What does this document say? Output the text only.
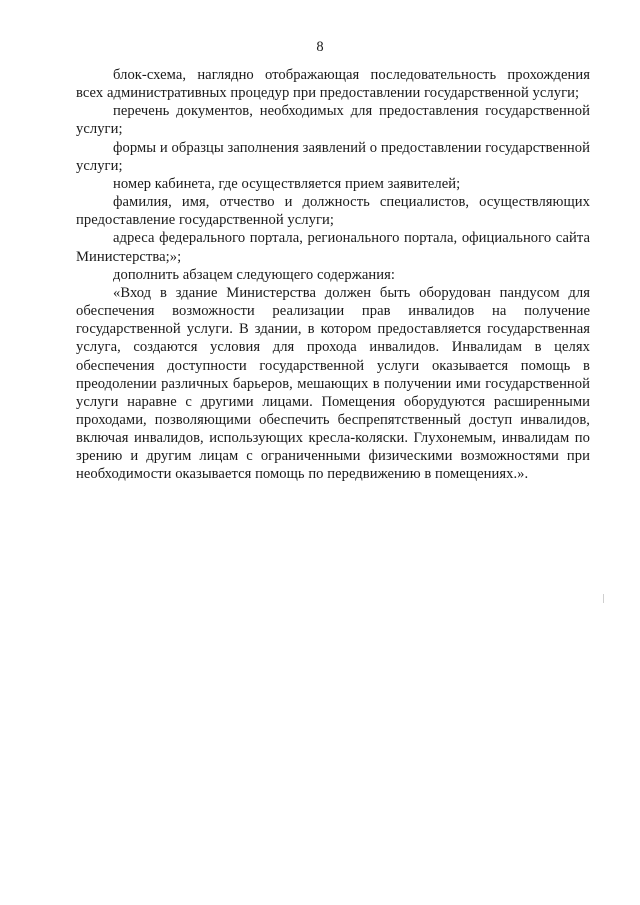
8

блок-схема, наглядно отображающая последовательность прохождения всех административных процедур при предоставлении государственной услуги;

перечень документов, необходимых для предоставления государственной услуги;

формы и образцы заполнения заявлений о предоставлении государственной услуги;

номер кабинета, где осуществляется прием заявителей;

фамилия, имя, отчество и должность специалистов, осуществляющих предоставление государственной услуги;

адреса федерального портала, регионального портала, официального сайта Министерства;»;

дополнить абзацем следующего содержания:

«Вход в здание Министерства должен быть оборудован пандусом для обеспечения возможности реализации прав инвалидов на получение государственной услуги. В здании, в котором предоставляется государственная услуга, создаются условия для прохода инвалидов. Инвалидам в целях обеспечения доступности государственной услуги оказывается помощь в преодолении различных барьеров, мешающих в получении ими государственной услуги наравне с другими лицами. Помещения оборудуются расширенными проходами, позволяющими обеспечить беспрепятственный доступ инвалидов, включая инвалидов, использующих кресла-коляски. Глухонемым, инвалидам по зрению и другим лицам с ограниченными физическими возможностями при необходимости оказывается помощь по передвижению в помещениях.».
